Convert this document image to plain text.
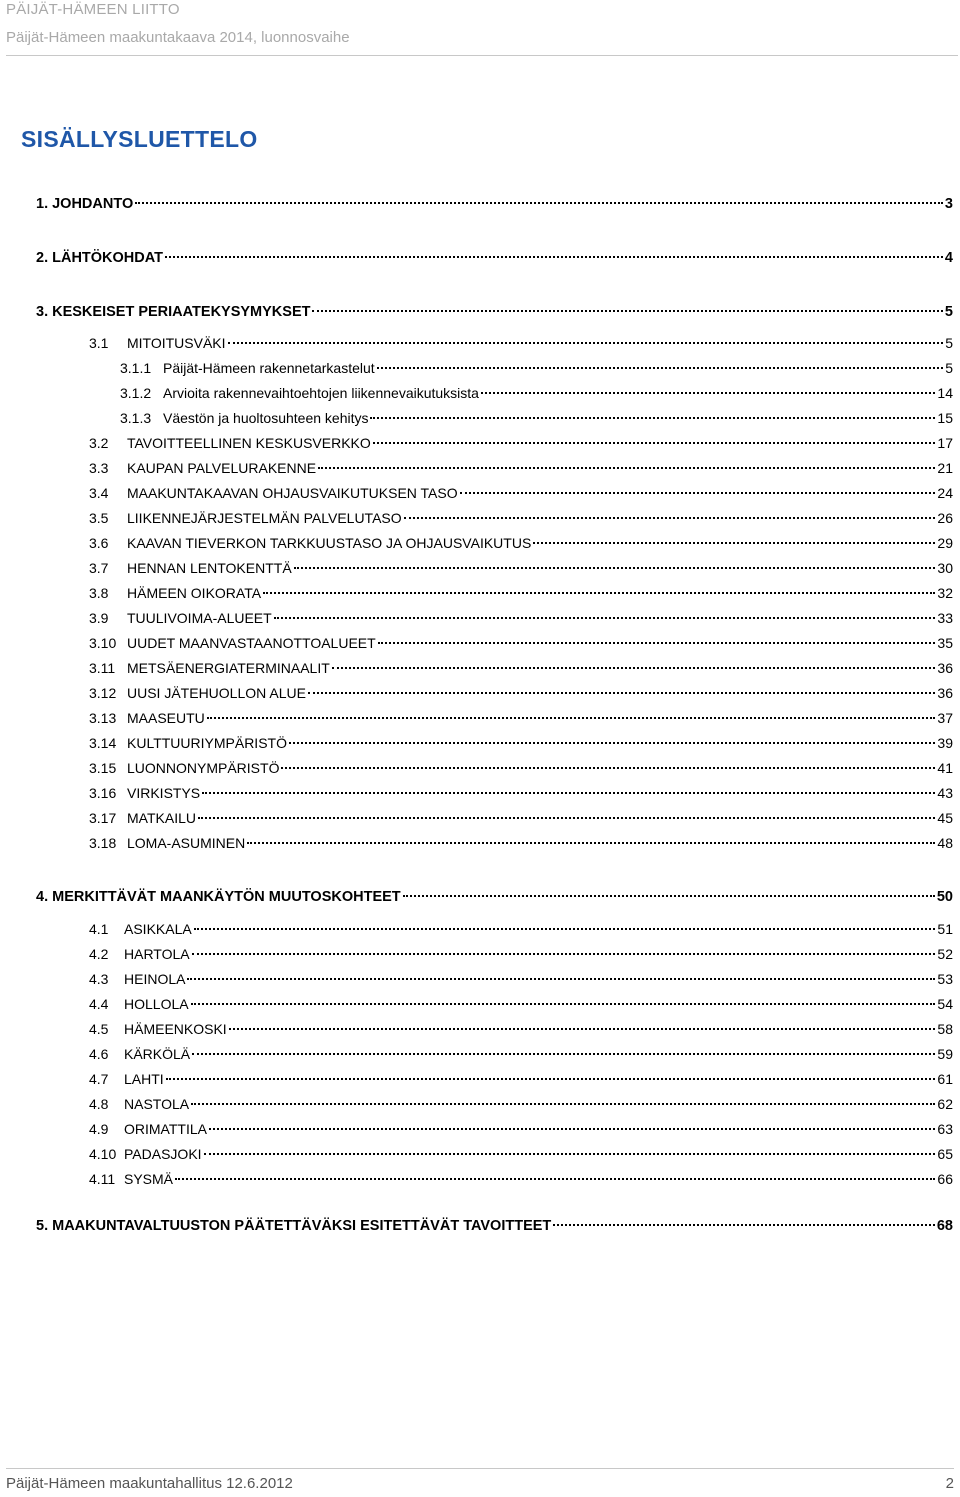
PÄIJÄT-HÄMEEN LIITTO
Päijät-Hämeen maakuntakaava 2014, luonnosvaihe
SISÄLLYSLUETTELO
1. JOHDANTO	3
2. LÄHTÖKOHDAT	4
3. KESKEISET PERIAATEKYSYMYKSET	5
3.1	MITOITUSVÄKI	5
3.1.1 Päijät-Hämeen rakennetarkastelut	5
3.1.2 Arvioita rakennevaihtoehtojen liikennevaikutuksista	14
3.1.3 Väestön ja huoltosuhteen kehitys	15
3.2	TAVOITTEELLINEN KESKUSVERKKO	17
3.3	KAUPAN PALVELURAKENNE	21
3.4	MAAKUNTAKAAVAN OHJAUSVAIKUTUKSEN TASO	24
3.5	LIIKENNEJÄRJESTELMÄN PALVELUTASO	26
3.6	KAAVAN TIEVERKON TARKKUUSTASO JA OHJAUSVAIKUTUS	29
3.7	HENNAN LENTOKENTTÄ	30
3.8	HÄMEEN OIKORATA	32
3.9	TUULIVOIMA-ALUEET	33
3.10 UUDET MAANVASTAANOTTOALUEET	35
3.11 METSÄENERGIATERMINAALIT	36
3.12 UUSI JÄTEHUOLLON ALUE	36
3.13 MAASEUTU	37
3.14 KULTTUURIYMPÄRISTÖ	39
3.15 LUONNONYMPÄRISTÖ	41
3.16 VIRKISTYS	43
3.17 MATKAILU	45
3.18 LOMA-ASUMINEN	48
4. MERKITTÄVÄT MAANKÄYTÖN MUUTOSKOHTEET	50
4.1	ASIKKALA	51
4.2	HARTOLA	52
4.3	HEINOLA	53
4.4	HOLLOLA	54
4.5	HÄMEENKOSKI	58
4.6	KÄRKÖLÄ	59
4.7	LAHTI	61
4.8	NASTOLA	62
4.9	ORIMATTILA	63
4.10 PADASJOKI	65
4.11 SYSMÄ	66
5. MAAKUNTAVALTUUSTON PÄÄTETTÄVÄKSI ESITETTÄVÄT TAVOITTEET	68
Päijät-Hämeen maakuntahallitus 12.6.2012	2
